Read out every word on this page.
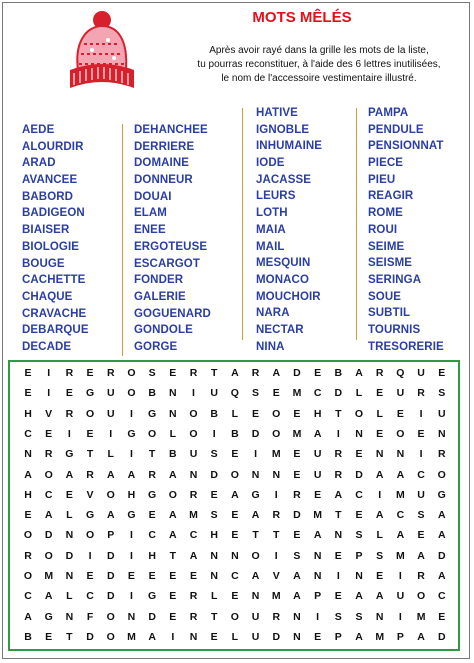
MOTS MÊLÉS
Après avoir rayé dans la grille les mots de la liste,
tu pourras reconstituer, à l'aide des 6 lettres inutilisées,
le nom de l'accessoire vestimentaire illustré.
AEDE
ALOURDIR
ARAD
AVANCEE
BABORD
BADIGEON
BIAISER
BIOLOGIE
BOUGE
CACHETTE
CHAQUE
CRAVACHE
DEBARQUE
DECADE
DEHANCHEE
DERRIERE
DOMAINE
DONNEUR
DOUAI
ELAM
ENEE
ERGOTEUSE
ESCARGOT
FONDER
GALERIE
GOGUENARD
GONDOLE
GORGE
HATIVE
IGNOBLE
INHUMAINE
IODE
JACASSE
LEURS
LOTH
MAIA
MAIL
MESQUIN
MONACO
MOUCHOIR
NARA
NECTAR
NINA
PAMPA
PENDULE
PENSIONNAT
PIECE
PIEU
REAGIR
ROME
ROUI
SEIME
SEISME
SERINGA
SOUE
SUBTIL
TOURNIS
TRESORERIE
E	I	R	E	R	O	S	E	R	T	A	R	A	D	E	B	A	R	Q	U	E
E	I	E	G	U	O	B	N	I	U	Q	S	E	M	C	D	L	E	U	R	S
H	V	R	O	U	I	G	N	O	B	L	E	O	E	H	T	O	L	E	I	U
C	E	I	E	I	G	O	L	O	I	B	D	O	M	A	I	N	E	O	E	N
N	R	G	T	L	I	T	B	U	S	E	I	M	E	U	R	E	N	N	I	R
A	O	A	R	A	A	R	A	N	D	O	N	N	E	U	R	D	A	A	C	O
H	C	E	V	O	H	G	O	R	E	A	G	I	R	E	A	C	I	M	U	G
E	A	L	G	A	G	E	A	M	S	E	A	R	D	M	T	E	A	C	S	A
O	D	N	O	P	I	C	A	C	H	E	T	T	E	A	N	S	L	A	E	A
R	O	D	I	D	I	H	T	A	N	N	O	I	S	N	E	P	S	M	A	D
O	M	N	E	D	E	E	E	E	N	C	A	V	A	N	I	N	E	I	R	A
C	A	L	C	D	I	G	E	R	L	E	N	M	A	P	E	A	A	U	O	C
A	G	N	F	O	N	D	E	R	T	O	U	R	N	I	S	S	N	I	M	E
B	E	T	D	O	M	A	I	N	E	L	U	D	N	E	P	A	M	P	A	D
